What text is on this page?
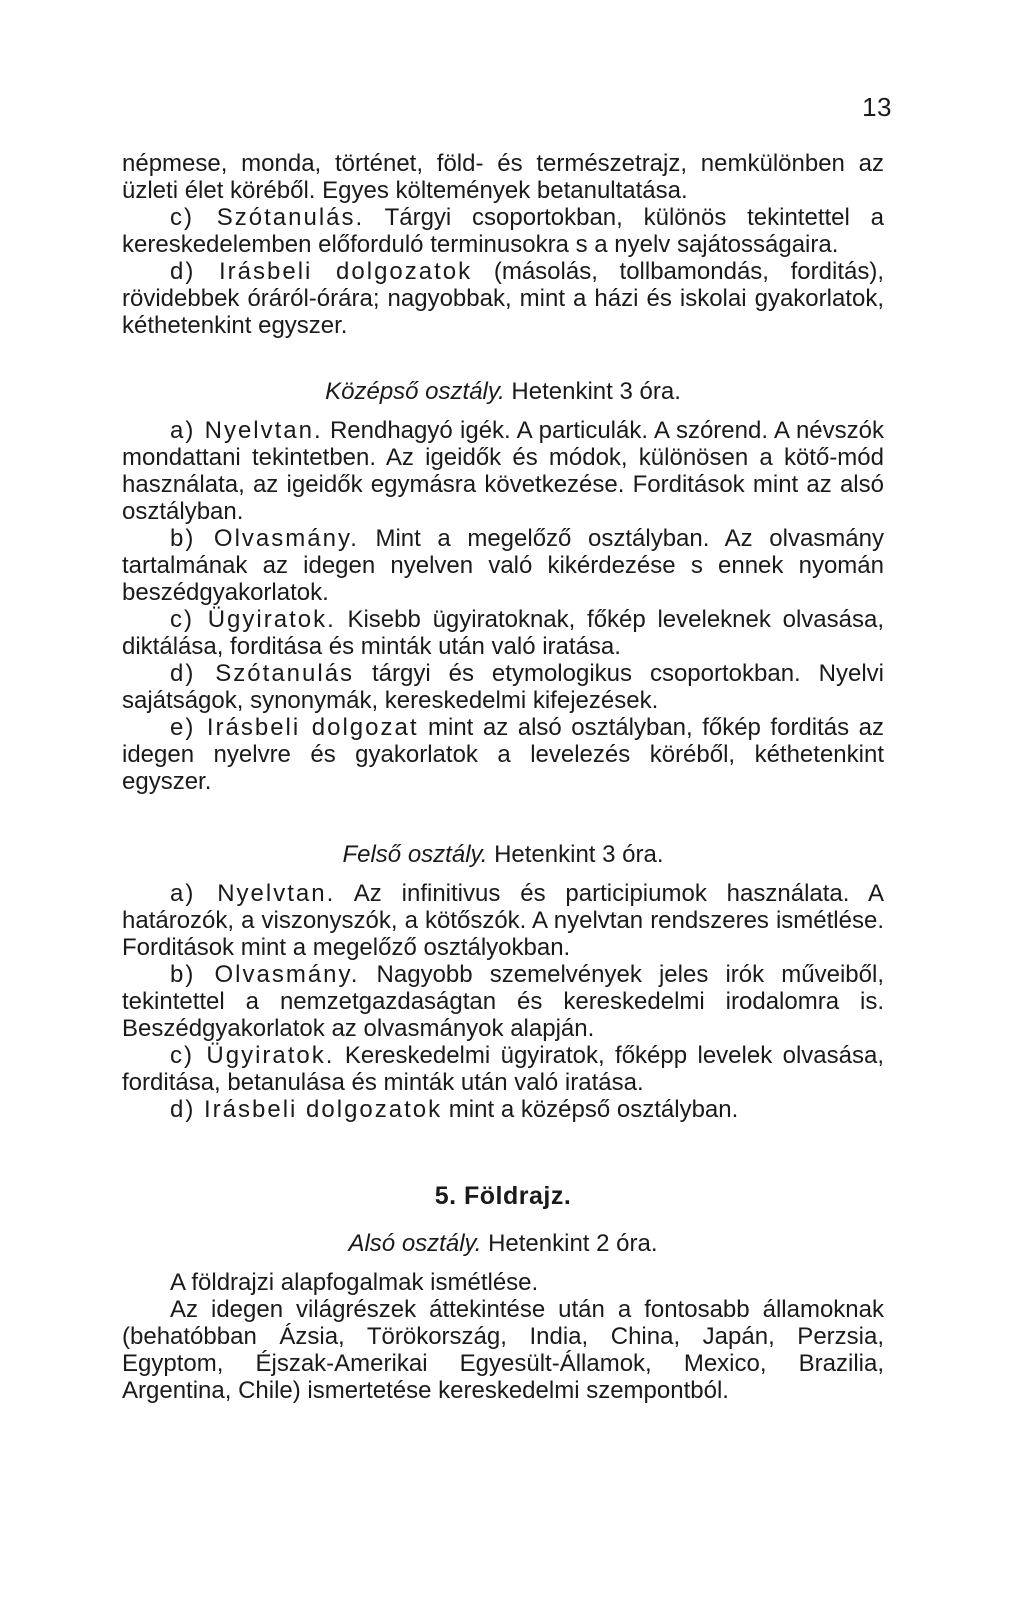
13

népmese, monda, történet, föld- és természetrajz, nemkülönben az üzleti élet köréből. Egyes költemények betanultatása.

c) Szótanulás. Tárgyi csoportokban, különös tekintettel a kereskedelemben előforduló terminusokra s a nyelv sajátosságaira.

d) Irásbeli dolgozatok (másolás, tollbamondás, forditás), rövidebbek óráról-órára; nagyobbak, mint a házi és iskolai gyakorlatok, kéthetenkint egyszer.

Középső osztály. Hetenkint 3 óra.

a) Nyelvtan. Rendhagyó igék. A particulák. A szórend. A névszók mondattani tekintetben. Az igeidők és módok, különösen a kötő-mód használata, az igeidők egymásra következése. Forditások mint az alsó osztályban.

b) Olvasmány. Mint a megelőző osztályban. Az olvasmány tartalmának az idegen nyelven való kikérdezése s ennek nyomán beszédgyakorlatok.

c) Ügyiratok. Kisebb ügyiratoknak, főkép leveleknek olvasása, diktálása, forditása és minták után való iratása.

d) Szótanulás tárgyi és etymologikus csoportokban. Nyelvi sajátságok, synonymák, kereskedelmi kifejezések.

e) Irásbeli dolgozat mint az alsó osztályban, főkép forditás az idegen nyelvre és gyakorlatok a levelezés köréből, kéthetenkint egyszer.

Felső osztály. Hetenkint 3 óra.

a) Nyelvtan. Az infinitivus és participiumok használata. A határozók, a viszonyszók, a kötőszók. A nyelvtan rendszeres ismétlése. Forditások mint a megelőző osztályokban.

b) Olvasmány. Nagyobb szemelvények jeles irók műveiből, tekintettel a nemzetgazdaságtan és kereskedelmi irodalomra is. Beszédgyakorlatok az olvasmányok alapján.

c) Ügyiratok. Kereskedelmi ügyiratok, főképp levelek olvasása, forditása, betanulása és minták után való iratása.

d) Irásbeli dolgozatok mint a középső osztályban.

5. Földrajz.

Alsó osztály. Hetenkint 2 óra.

A földrajzi alapfogalmak ismétlése.

Az idegen világrészek áttekintése után a fontosabb államoknak (behatóbban Ázsia, Törökország, India, China, Japán, Perzsia, Egyptom, Éjszak-Amerikai Egyesült-Államok, Mexico, Brazilia, Argentina, Chile) ismertetése kereskedelmi szempontból.
